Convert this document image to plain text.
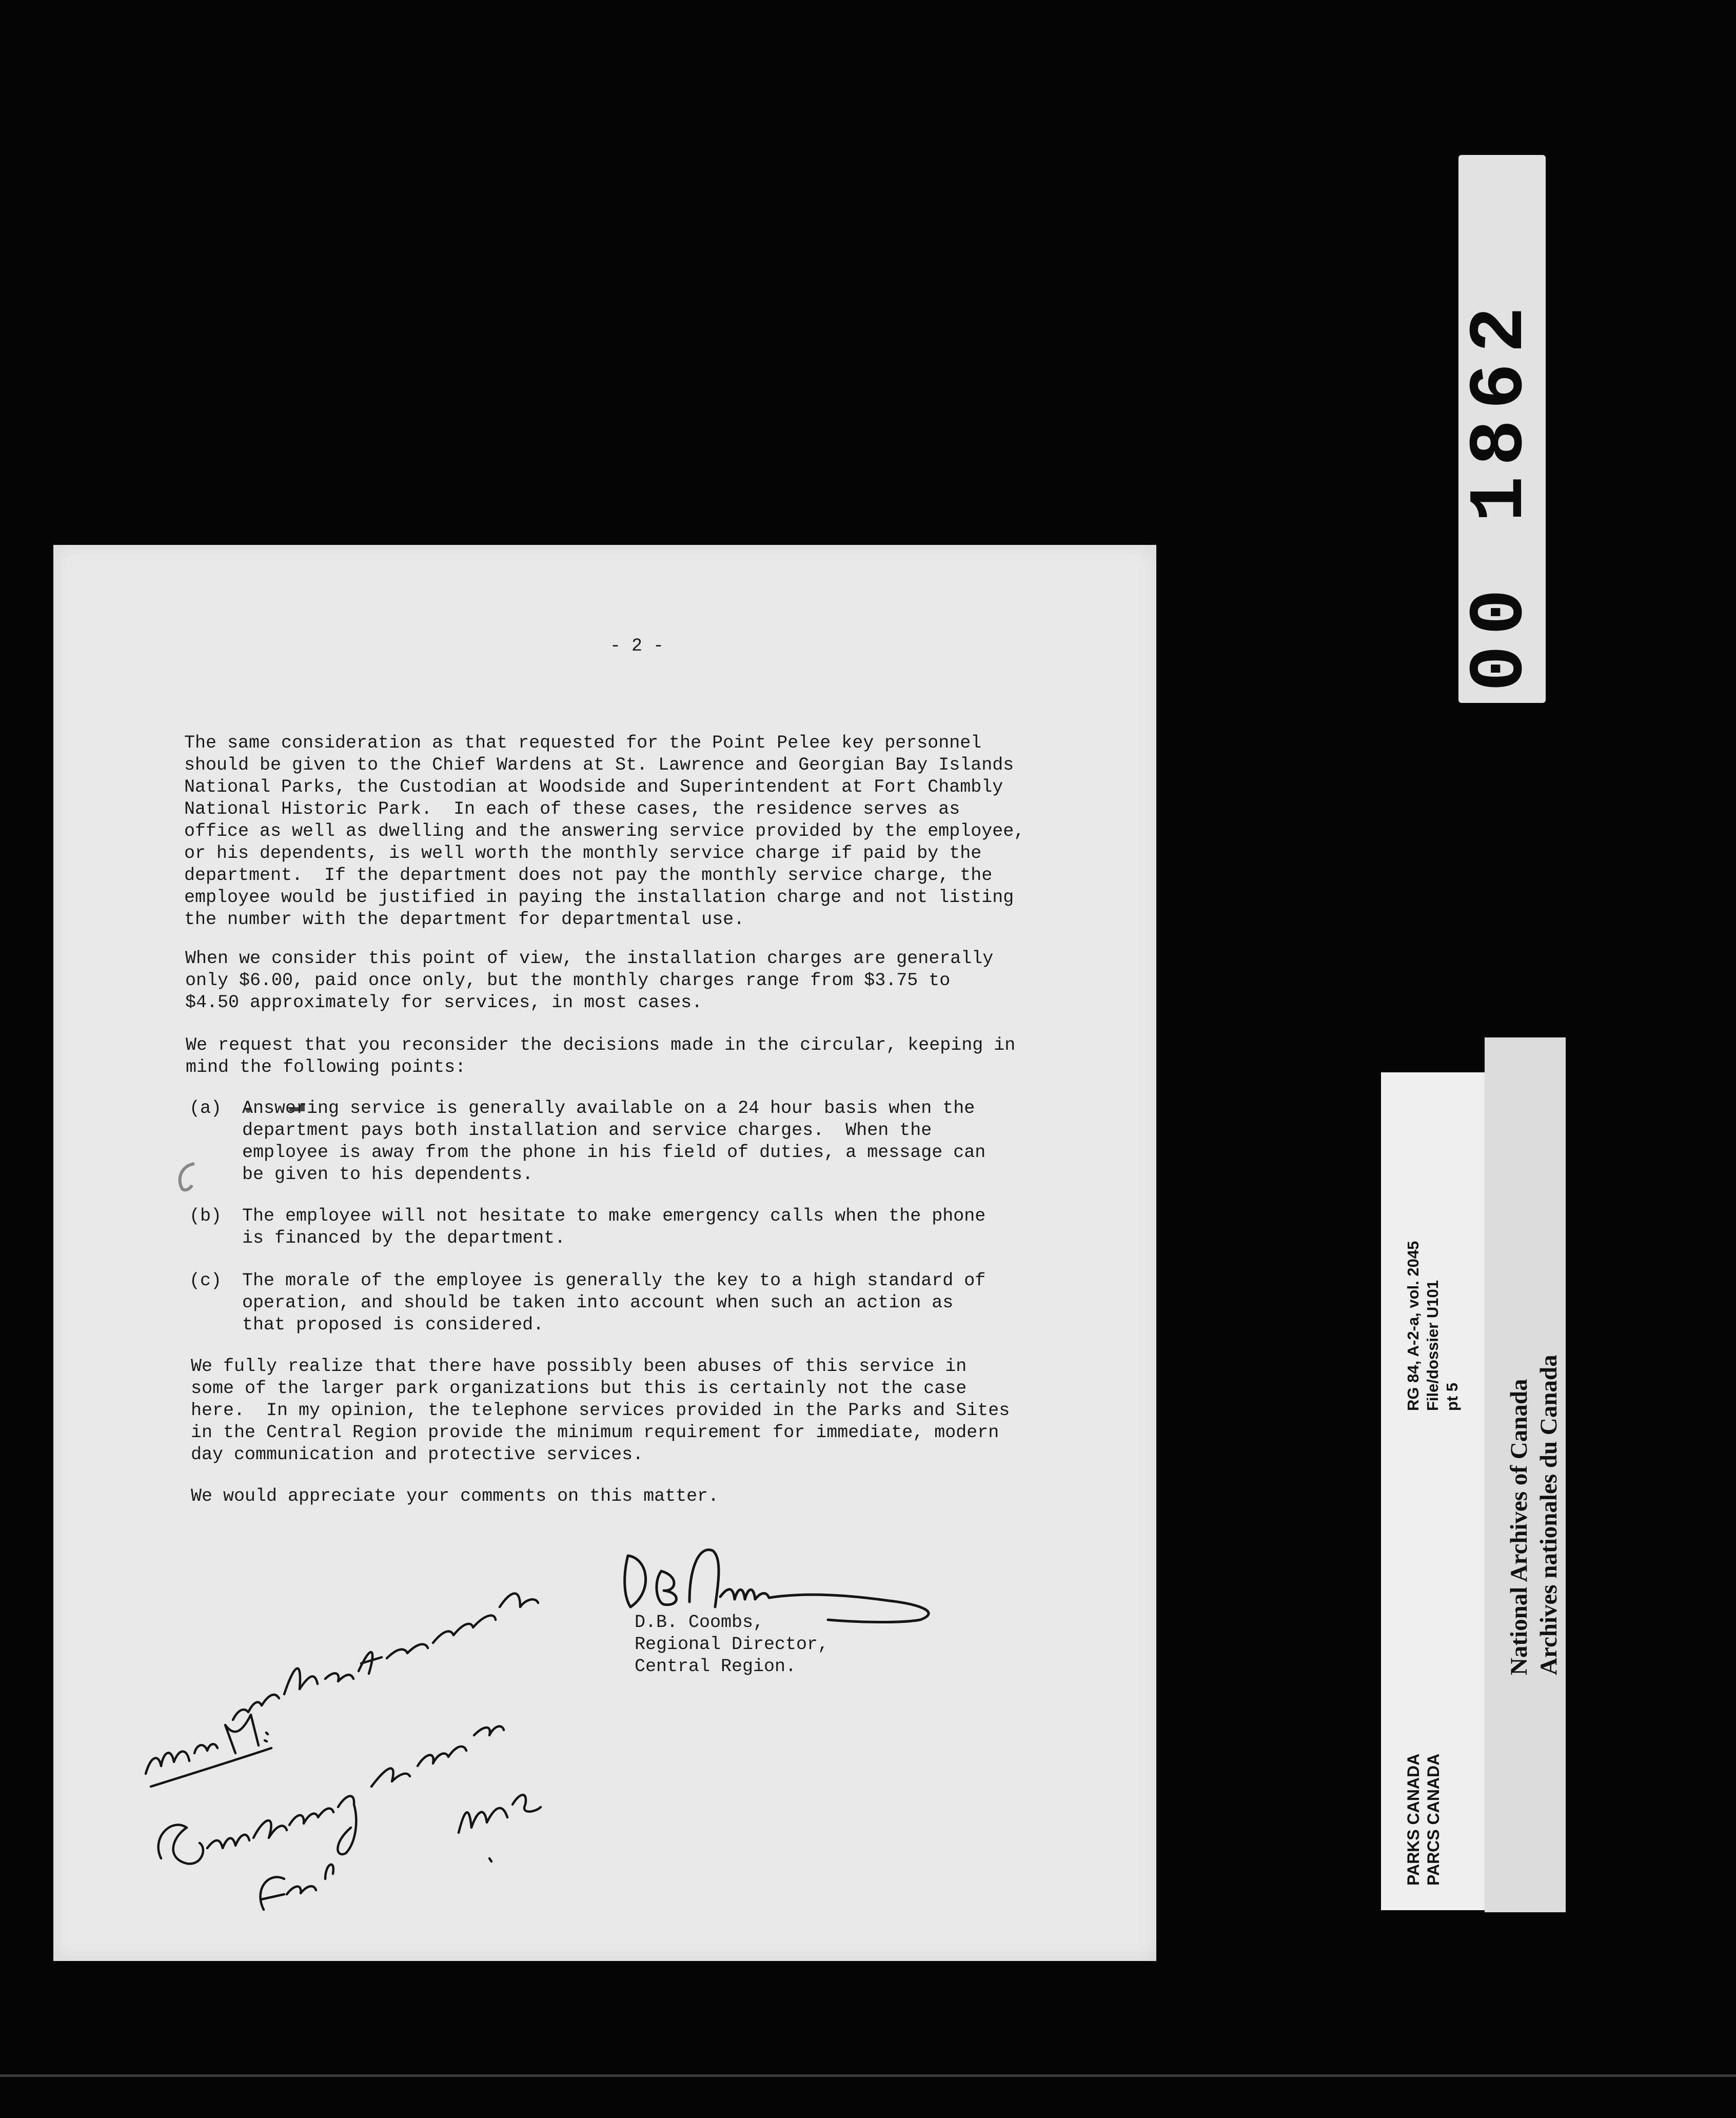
- 2 -
The same consideration as that requested for the Point Pelee key personnel
should be given to the Chief Wardens at St. Lawrence and Georgian Bay Islands
National Parks, the Custodian at Woodside and Superintendent at Fort Chambly
National Historic Park.  In each of these cases, the residence serves as
office as well as dwelling and the answering service provided by the employee,
or his dependents, is well worth the monthly service charge if paid by the
department.  If the department does not pay the monthly service charge, the
employee would be justified in paying the installation charge and not listing
the number with the department for departmental use.
When we consider this point of view, the installation charges are generally
only $6.00, paid once only, but the monthly charges range from $3.75 to
$4.50 approximately for services, in most cases.
We request that you reconsider the decisions made in the circular, keeping in
mind the following points:
(a) Answering service is generally available on a 24 hour basis when the
department pays both installation and service charges.  When the
employee is away from the phone in his field of duties, a message can
be given to his dependents.
(b) The employee will not hesitate to make emergency calls when the phone
is financed by the department.
(c) The morale of the employee is generally the key to a high standard of
operation, and should be taken into account when such an action as
that proposed is considered.
We fully realize that there have possibly been abuses of this service in
some of the larger park organizations but this is certainly not the case
here.  In my opinion, the telephone services provided in the Parks and Sites
in the Central Region provide the minimum requirement for immediate, modern
day communication and protective services.
We would appreciate your comments on this matter.
D.B. Coombs,
Regional Director,
Central Region.
00 1862
RG 84, A-2-a, vol. 2045
File/dossier U101
pt 5
PARKS CANADA
PARCS CANADA
National Archives of Canada
Archives nationales du Canada
